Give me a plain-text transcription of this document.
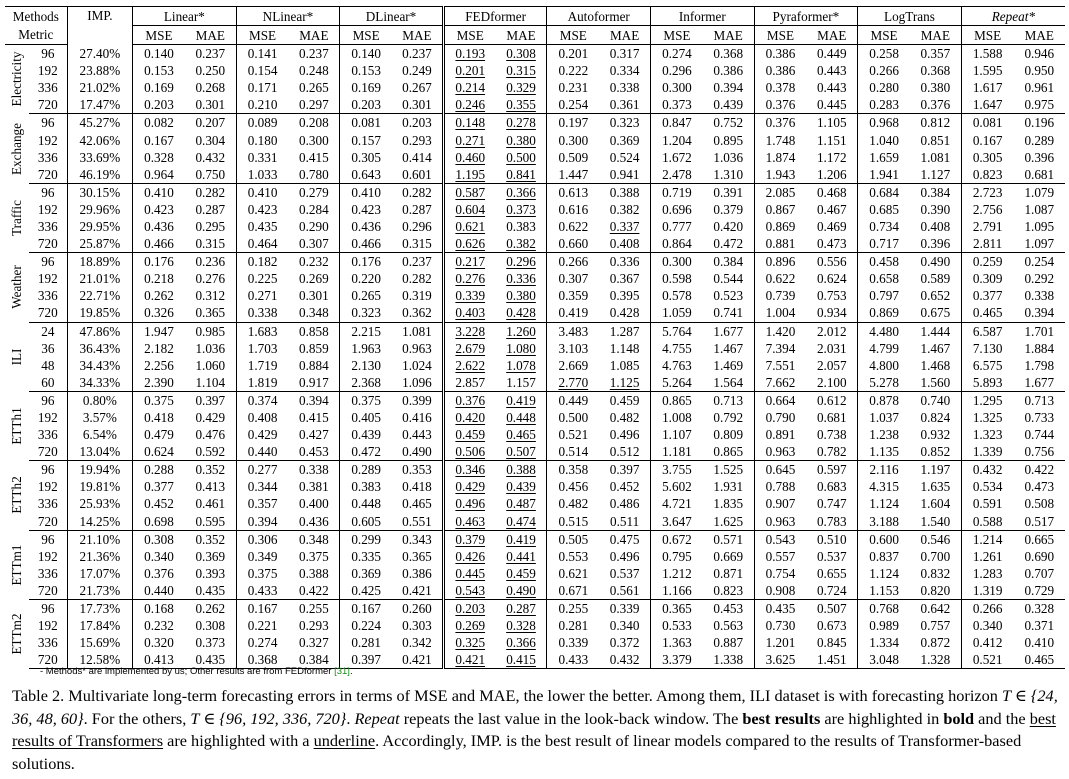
Methods		IMP.	Linear*		NLinear*		DLinear*		FEDformer		Autoformer		Informer		Pyraformer*		LogTrans		Repeat*	
Metric			MSE	MAE	MSE	MAE	MSE	MAE	MSE	MAE	MSE	MAE	MSE	MAE	MSE	MAE	MSE	MAE	MSE	MAE

Electricity	96	27.40%	0.140	0.237	0.141	0.237	0.140	0.237	0.193	0.308	0.201	0.317	0.274	0.368	0.386	0.449	0.258	0.357	1.588	0.946
	192	23.88%	0.153	0.250	0.154	0.248	0.153	0.249	0.201	0.315	0.222	0.334	0.296	0.386	0.386	0.443	0.266	0.368	1.595	0.950
	336	21.02%	0.169	0.268	0.171	0.265	0.169	0.267	0.214	0.329	0.231	0.338	0.300	0.394	0.378	0.443	0.280	0.380	1.617	0.961
	720	17.47%	0.203	0.301	0.210	0.297	0.203	0.301	0.246	0.355	0.254	0.361	0.373	0.439	0.376	0.445	0.283	0.376	1.647	0.975

Exchange	96	45.27%	0.082	0.207	0.089	0.208	0.081	0.203	0.148	0.278	0.197	0.323	0.847	0.752	0.376	1.105	0.968	0.812	0.081	0.196
	192	42.06%	0.167	0.304	0.180	0.300	0.157	0.293	0.271	0.380	0.300	0.369	1.204	0.895	1.748	1.151	1.040	0.851	0.167	0.289
	336	33.69%	0.328	0.432	0.331	0.415	0.305	0.414	0.460	0.500	0.509	0.524	1.672	1.036	1.874	1.172	1.659	1.081	0.305	0.396
	720	46.19%	0.964	0.750	1.033	0.780	0.643	0.601	1.195	0.841	1.447	0.941	2.478	1.310	1.943	1.206	1.941	1.127	0.823	0.681

Traffic	96	30.15%	0.410	0.282	0.410	0.279	0.410	0.282	0.587	0.366	0.613	0.388	0.719	0.391	2.085	0.468	0.684	0.384	2.723	1.079
	192	29.96%	0.423	0.287	0.423	0.284	0.423	0.287	0.604	0.373	0.616	0.382	0.696	0.379	0.867	0.467	0.685	0.390	2.756	1.087
	336	29.95%	0.436	0.295	0.435	0.290	0.436	0.296	0.621	0.383	0.622	0.337	0.777	0.420	0.869	0.469	0.734	0.408	2.791	1.095
	720	25.87%	0.466	0.315	0.464	0.307	0.466	0.315	0.626	0.382	0.660	0.408	0.864	0.472	0.881	0.473	0.717	0.396	2.811	1.097

Weather	96	18.89%	0.176	0.236	0.182	0.232	0.176	0.237	0.217	0.296	0.266	0.336	0.300	0.384	0.896	0.556	0.458	0.490	0.259	0.254
	192	21.01%	0.218	0.276	0.225	0.269	0.220	0.282	0.276	0.336	0.307	0.367	0.598	0.544	0.622	0.624	0.658	0.589	0.309	0.292
	336	22.71%	0.262	0.312	0.271	0.301	0.265	0.319	0.339	0.380	0.359	0.395	0.578	0.523	0.739	0.753	0.797	0.652	0.377	0.338
	720	19.85%	0.326	0.365	0.338	0.348	0.323	0.362	0.403	0.428	0.419	0.428	1.059	0.741	1.004	0.934	0.869	0.675	0.465	0.394

ILI	24	47.86%	1.947	0.985	1.683	0.858	2.215	1.081	3.228	1.260	3.483	1.287	5.764	1.677	1.420	2.012	4.480	1.444	6.587	1.701
	36	36.43%	2.182	1.036	1.703	0.859	1.963	0.963	2.679	1.080	3.103	1.148	4.755	1.467	7.394	2.031	4.799	1.467	7.130	1.884
	48	34.43%	2.256	1.060	1.719	0.884	2.130	1.024	2.622	1.078	2.669	1.085	4.763	1.469	7.551	2.057	4.800	1.468	6.575	1.798
	60	34.33%	2.390	1.104	1.819	0.917	2.368	1.096	2.857	1.157	2.770	1.125	5.264	1.564	7.662	2.100	5.278	1.560	5.893	1.677

ETTh1	96	0.80%	0.375	0.397	0.374	0.394	0.375	0.399	0.376	0.419	0.449	0.459	0.865	0.713	0.664	0.612	0.878	0.740	1.295	0.713
	192	3.57%	0.418	0.429	0.408	0.415	0.405	0.416	0.420	0.448	0.500	0.482	1.008	0.792	0.790	0.681	1.037	0.824	1.325	0.733
	336	6.54%	0.479	0.476	0.429	0.427	0.439	0.443	0.459	0.465	0.521	0.496	1.107	0.809	0.891	0.738	1.238	0.932	1.323	0.744
	720	13.04%	0.624	0.592	0.440	0.453	0.472	0.490	0.506	0.507	0.514	0.512	1.181	0.865	0.963	0.782	1.135	0.852	1.339	0.756

ETTh2	96	19.94%	0.288	0.352	0.277	0.338	0.289	0.353	0.346	0.388	0.358	0.397	3.755	1.525	0.645	0.597	2.116	1.197	0.432	0.422
	192	19.81%	0.377	0.413	0.344	0.381	0.383	0.418	0.429	0.439	0.456	0.452	5.602	1.931	0.788	0.683	4.315	1.635	0.534	0.473
	336	25.93%	0.452	0.461	0.357	0.400	0.448	0.465	0.496	0.487	0.482	0.486	4.721	1.835	0.907	0.747	1.124	1.604	0.591	0.508
	720	14.25%	0.698	0.595	0.394	0.436	0.605	0.551	0.463	0.474	0.515	0.511	3.647	1.625	0.963	0.783	3.188	1.540	0.588	0.517

ETTm1	96	21.10%	0.308	0.352	0.306	0.348	0.299	0.343	0.379	0.419	0.505	0.475	0.672	0.571	0.543	0.510	0.600	0.546	1.214	0.665
	192	21.36%	0.340	0.369	0.349	0.375	0.335	0.365	0.426	0.441	0.553	0.496	0.795	0.669	0.557	0.537	0.837	0.700	1.261	0.690
	336	17.07%	0.376	0.393	0.375	0.388	0.369	0.386	0.445	0.459	0.621	0.537	1.212	0.871	0.754	0.655	1.124	0.832	1.283	0.707
	720	21.73%	0.440	0.435	0.433	0.422	0.425	0.421	0.543	0.490	0.671	0.561	1.166	0.823	0.908	0.724	1.153	0.820	1.319	0.729

ETTm2	96	17.73%	0.168	0.262	0.167	0.255	0.167	0.260	0.203	0.287	0.255	0.339	0.365	0.453	0.435	0.507	0.768	0.642	0.266	0.328
	192	17.84%	0.232	0.308	0.221	0.293	0.224	0.303	0.269	0.328	0.281	0.340	0.533	0.563	0.730	0.673	0.989	0.757	0.340	0.371
	336	15.69%	0.320	0.373	0.274	0.327	0.281	0.342	0.325	0.366	0.339	0.372	1.363	0.887	1.201	0.845	1.334	0.872	0.412	0.410
	720	12.58%	0.413	0.435	0.368	0.384	0.397	0.421	0.421	0.415	0.433	0.432	3.379	1.338	3.625	1.451	3.048	1.328	0.521	0.465
- Methods* are implemented by us; Other results are from FEDformer [31].
Table 2. Multivariate long-term forecasting errors in terms of MSE and MAE, the lower the better. Among them, ILI dataset is with forecasting horizon T ∈ {24, 36, 48, 60}. For the others, T ∈ {96, 192, 336, 720}. Repeat repeats the last value in the look-back window. The best results are highlighted in bold and the best results of Transformers are highlighted with a underline. Accordingly, IMP. is the best result of linear models compared to the results of Transformer-based solutions.
